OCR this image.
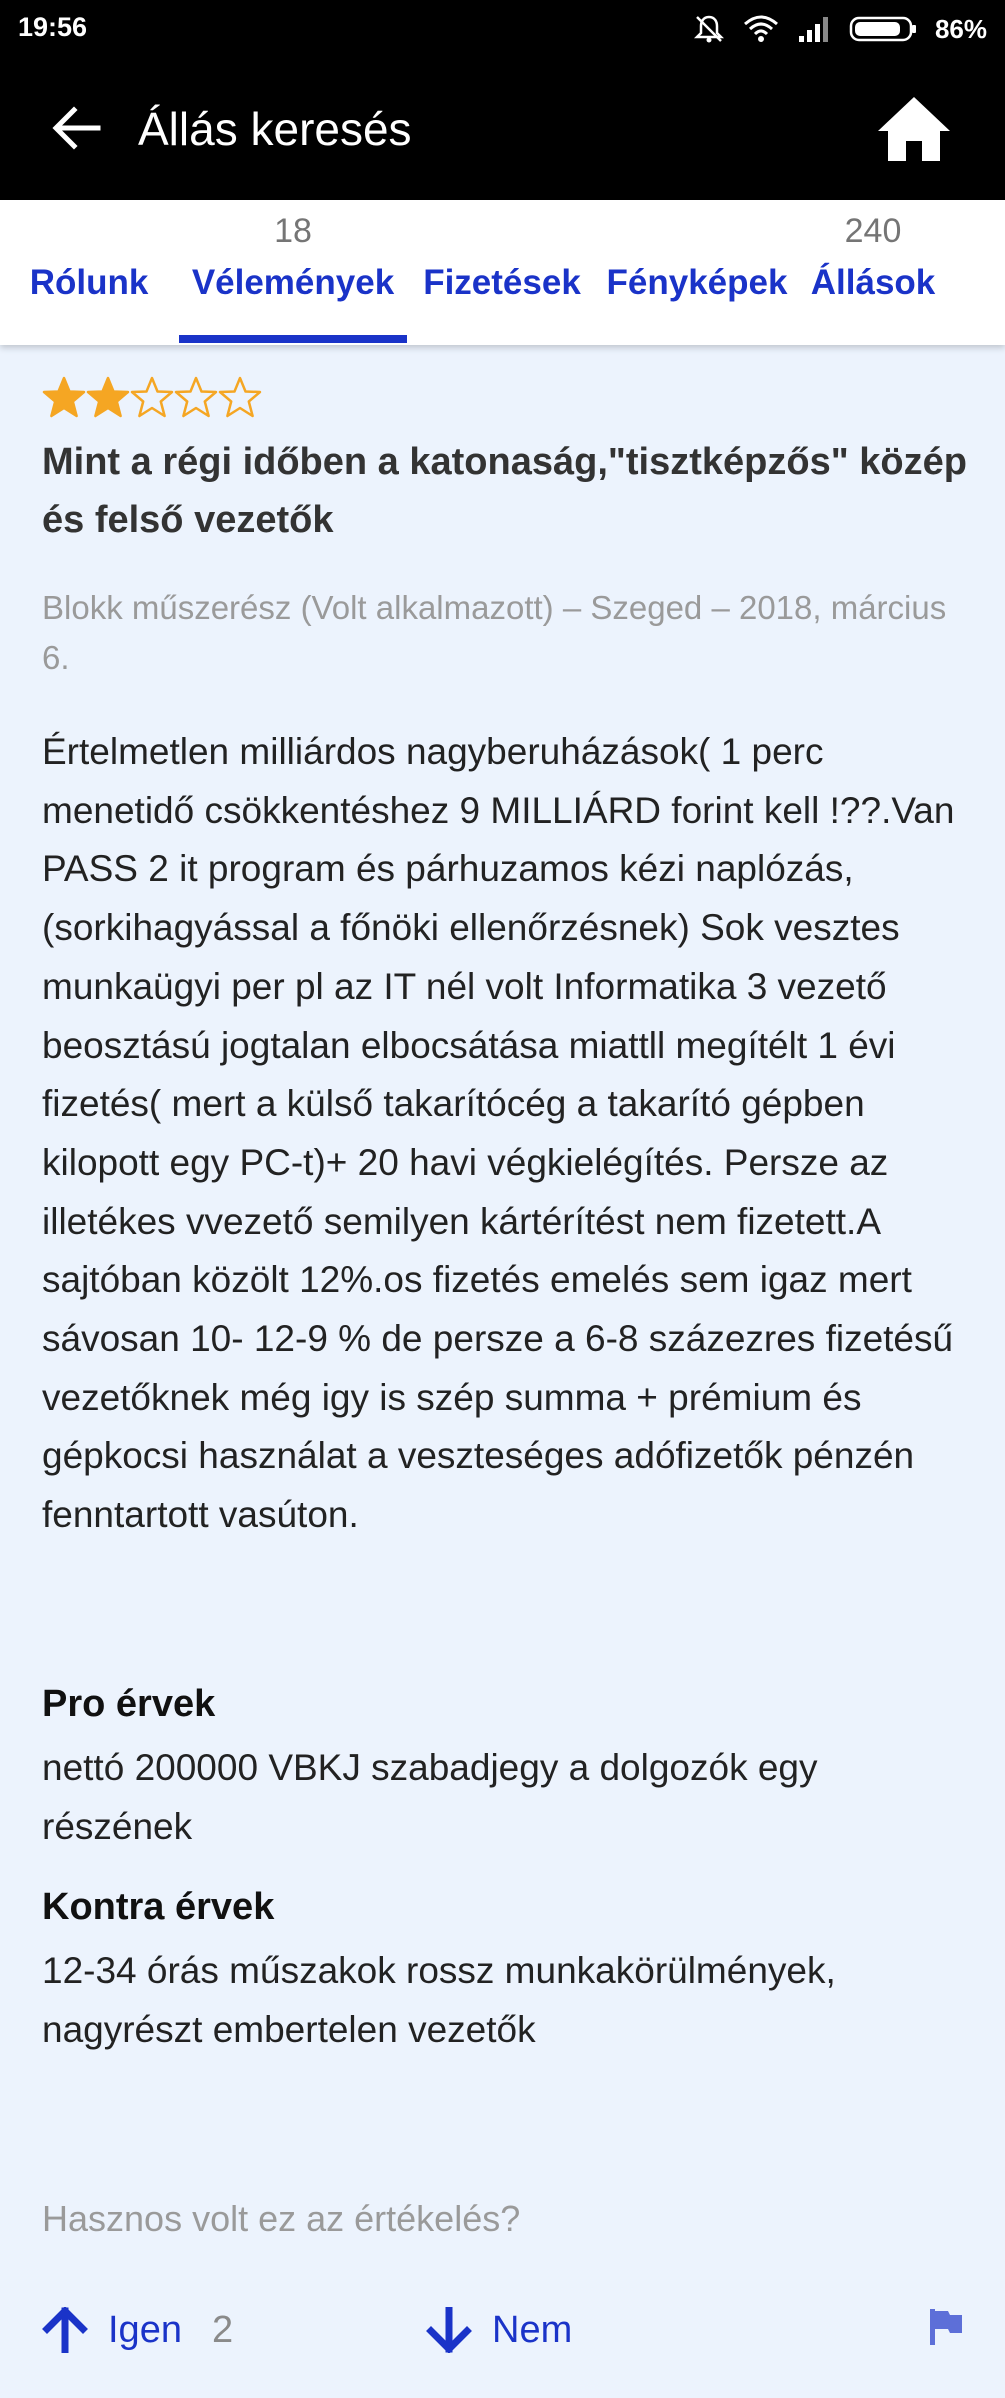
19:56	86%
Állás keresés
Rólunk
18
Vélemények Fizetések Fényképek
240
Állások
Mint a régi időben a katonaság,"tisztképzős" közép és felső vezetők
Blokk műszerész (Volt alkalmazott) – Szeged – 2018, március 6.
Értelmetlen milliárdos nagyberuházások( 1 perc menetidő csökkentéshez 9 MILLIÁRD forint kell !??.Van PASS 2 it program és párhuzamos kézi naplózás,(sorkihagyással a főnöki ellenőrzésnek) Sok vesztes munkaügyi per pl az IT nél volt Informatika 3 vezető beosztású jogtalan elbocsátása miattll megítélt 1 évi fizetés( mert a külső takarítócég a takarító gépben kilopott egy PC-t)+ 20 havi végkielégítés. Persze az illetékes vvezető semilyen kártérítést nem fizetett.A sajtóban közölt 12%.os fizetés emelés sem igaz mert sávosan 10- 12-9 % de persze a 6-8 százezres fizetésű vezetőknek még igy is szép summa + prémium és gépkocsi használat a veszteséges adófizetők pénzén fenntartott vasúton.
Pro érvek
nettó 200000 VBKJ szabadjegy a dolgozók egy részének
Kontra érvek
12-34 órás műszakok rossz munkakörülmények, nagyrészt embertelen vezetők
Hasznos volt ez az értékelés?
Igen 2	Nem
